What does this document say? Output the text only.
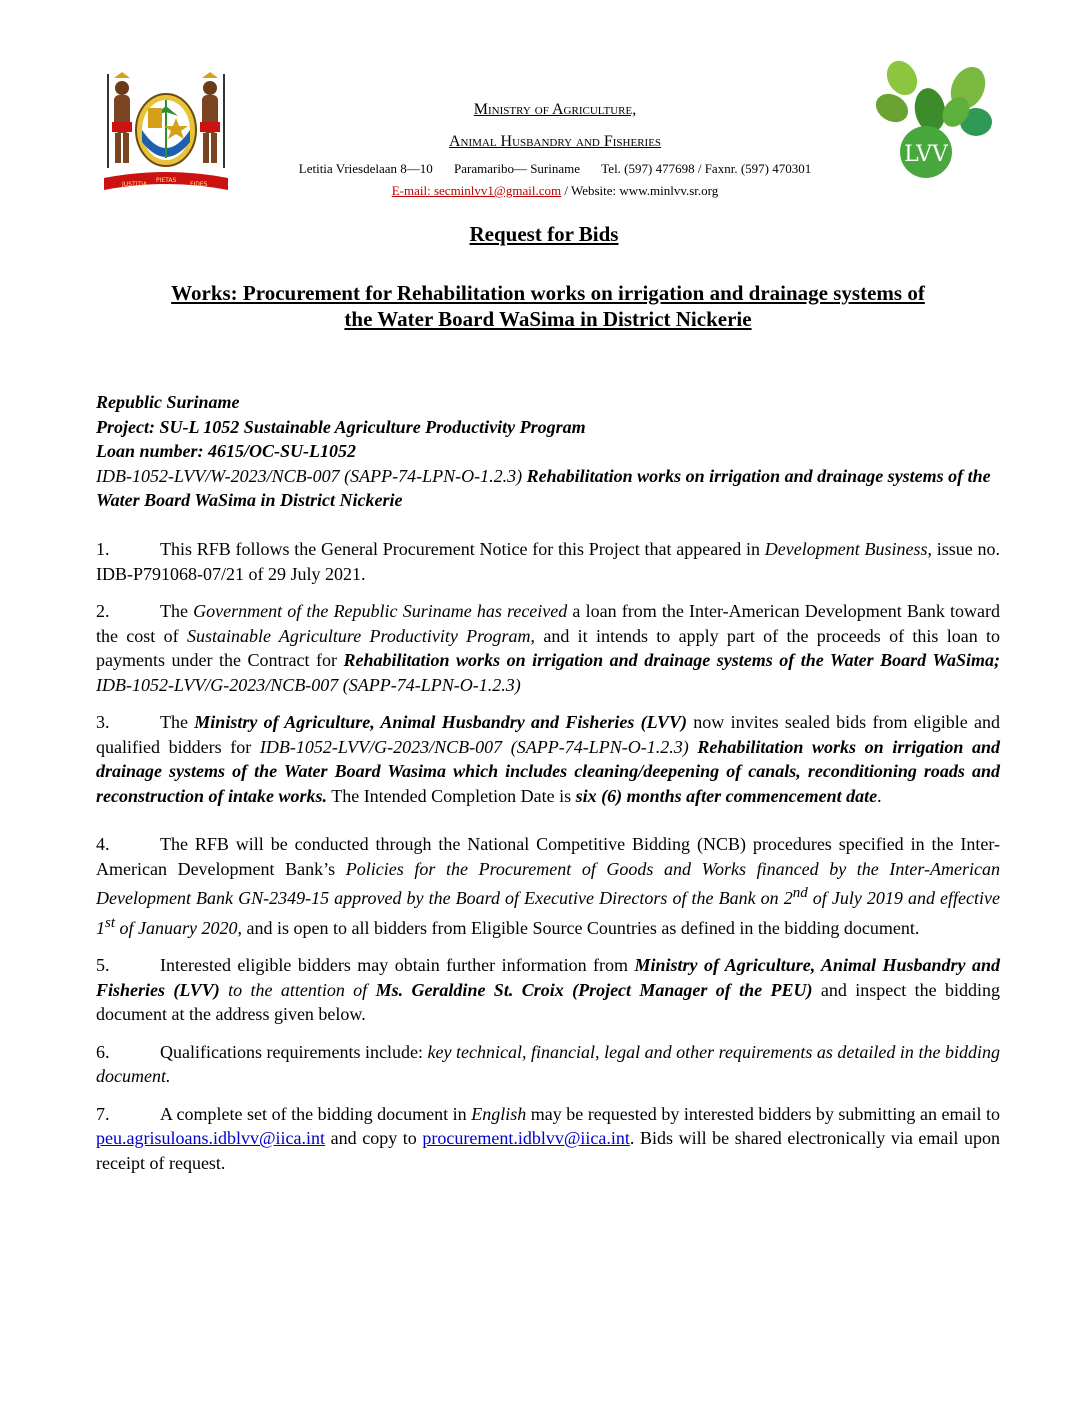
JUSTITIA
PIETAS
FIDES
LVV
Ministry of Agriculture,
Animal Husbandry and Fisheries
Letitia Vriesdelaan 8—10 Paramaribo— Suriname Tel. (597) 477698 / Faxnr. (597) 470301
E-mail: secminlvv1@gmail.com / Website: www.minlvv.sr.org
Request for Bids
Works: Procurement for Rehabilitation works on irrigation and drainage systems of
the Water Board WaSima in District Nickerie
Republic Suriname
Project: SU-L 1052 Sustainable Agriculture Productivity Program
Loan number: 4615/OC-SU-L1052
IDB-1052-LVV/W-2023/NCB-007 (SAPP-74-LPN-O-1.2.3) Rehabilitation works on irrigation and drainage systems of the Water Board WaSima in District Nickerie

1.	This RFB follows the General Procurement Notice for this Project that appeared in Development Business, issue no. IDB-P791068-07/21 of 29 July 2021.

2.	The Government of the Republic Suriname has received a loan from the Inter-American Development Bank toward the cost of Sustainable Agriculture Productivity Program, and it intends to apply part of the proceeds of this loan to payments under the Contract for Rehabilitation works on irrigation and drainage systems of the Water Board WaSima; IDB-1052-LVV/G-2023/NCB-007 (SAPP-74-LPN-O-1.2.3)

3.	The Ministry of Agriculture, Animal Husbandry and Fisheries (LVV) now invites sealed bids from eligible and qualified bidders for IDB-1052-LVV/G-2023/NCB-007 (SAPP-74-LPN-O-1.2.3) Rehabilitation works on irrigation and drainage systems of the Water Board Wasima which includes cleaning/deepening of canals, reconditioning roads and reconstruction of intake works. The Intended Completion Date is six (6) months after commencement date.

4.	The RFB will be conducted through the National Competitive Bidding (NCB) procedures specified in the Inter-American Development Bank’s Policies for the Procurement of Goods and Works financed by the Inter-American Development Bank GN-2349-15 approved by the Board of Executive Directors of the Bank on 2nd of July 2019 and effective 1st of January 2020, and is open to all bidders from Eligible Source Countries as defined in the bidding document.

5.	Interested eligible bidders may obtain further information from Ministry of Agriculture, Animal Husbandry and Fisheries (LVV) to the attention of Ms. Geraldine St. Croix (Project Manager of the PEU) and inspect the bidding document at the address given below.

6.	Qualifications requirements include: key technical, financial, legal and other requirements as detailed in the bidding document.

7.	A complete set of the bidding document in English may be requested by interested bidders by submitting an email to peu.agrisuloans.idblvv@iica.int and copy to procurement.idblvv@iica.int. Bids will be shared electronically via email upon receipt of request.
